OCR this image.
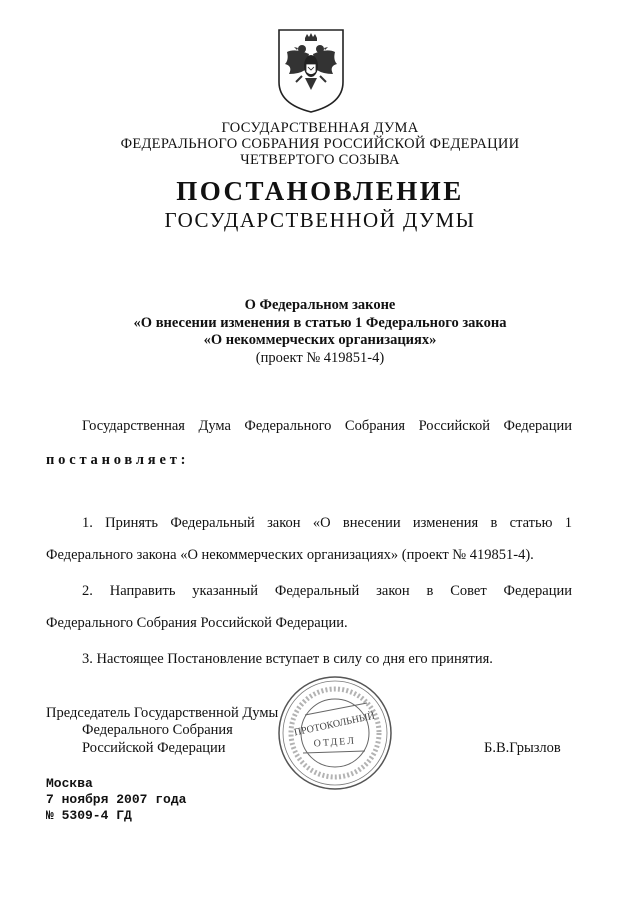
ГОСУДАРСТВЕННАЯ ДУМА
ФЕДЕРАЛЬНОГО СОБРАНИЯ РОССИЙСКОЙ ФЕДЕРАЦИИ
ЧЕТВЕРТОГО СОЗЫВА
ПОСТАНОВЛЕНИЕ
ГОСУДАРСТВЕННОЙ ДУМЫ
О Федеральном законе
«О внесении изменения в статью 1 Федерального закона
«О некоммерческих организациях»
(проект № 419851-4)
Государственная Дума Федерального Собрания Российской Федерации
постановляет:
1. Принять Федеральный закон «О внесении изменения в статью 1
Федерального закона «О некоммерческих организациях» (проект № 419851-4).
2. Направить указанный Федеральный закон в Совет Федерации
Федерального Собрания Российской Федерации.
3. Настоящее Постановление вступает в силу со дня его принятия.
ПРОТОКОЛЬНЫЙ
ОТДЕЛ
Председатель Государственной Думы
Федерального Собрания
Российской Федерации	Б.В.Грызлов
Москва
7 ноября 2007 года
№ 5309-4 ГД
